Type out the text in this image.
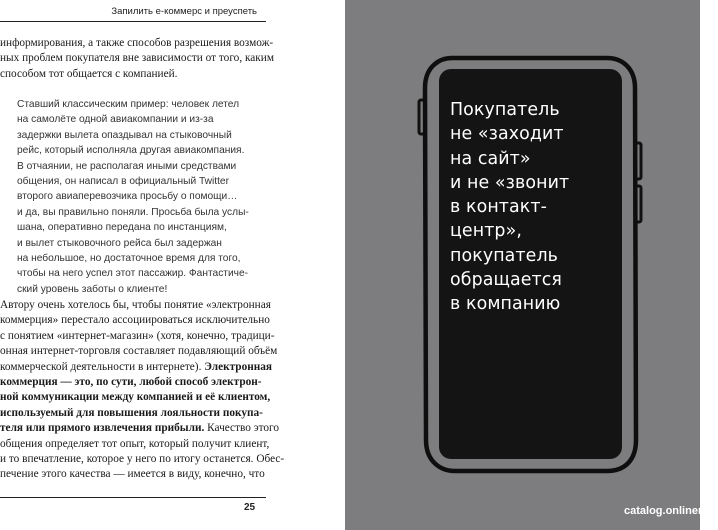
Запилить e-коммерс и преуспеть
информирования, а также способов разрешения возмож-
ных проблем покупателя вне зависимости от того, каким
способом тот общается с компанией.
Ставший классическим пример: человек летел
на самолёте одной авиакомпании и из-за
задержки вылета опаздывал на стыковочный
рейс, который исполняла другая авиакомпания.
В отчаянии, не располагая иными средствами
общения, он написал в официальный Twitter
второго авиаперевозчика просьбу о помощи…
и да, вы правильно поняли. Просьба была услы-
шана, оперативно передана по инстанциям,
и вылет стыковочного рейса был задержан
на небольшое, но достаточное время для того,
чтобы на него успел этот пассажир. Фантастиче-
ский уровень заботы о клиенте!
Автору очень хотелось бы, чтобы понятие «электронная
коммерция» перестало ассоциироваться исключительно
с понятием «интернет-магазин» (хотя, конечно, традици-
онная интернет-торговля составляет подавляющий объём
коммерческой деятельности в интернете). Электронная
коммерция — это, по сути, любой способ электрон-
ной коммуникации между компанией и её клиентом,
используемый для повышения лояльности покупа-
теля или прямого извлечения прибыли. Качество этого
общения определяет тот опыт, который получит клиент,
и то впечатление, которое у него по итогу останется. Обес-
печение этого качества — имеется в виду, конечно, что
25
Покупатель
не «заходит
на сайт»
и не «звонит
в контакт-
центр»,
покупатель
обращается
в компанию
catalog.onliner.by
